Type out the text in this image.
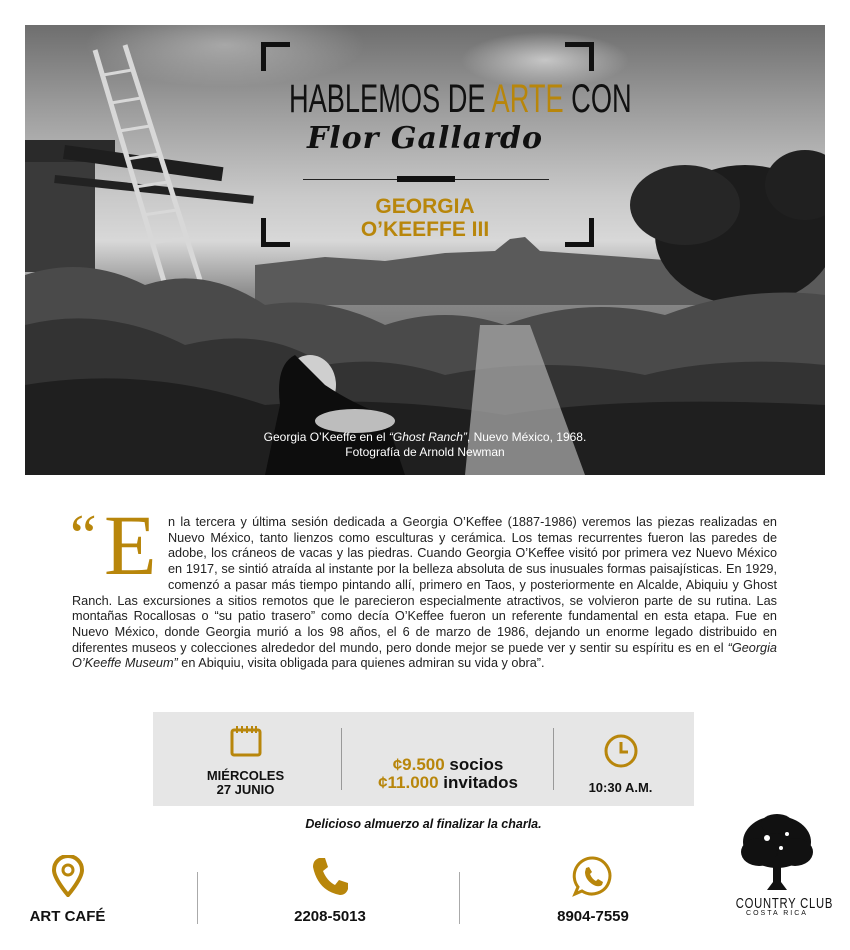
HABLEMOS DE ARTE CON
Flor Gallardo
GEORGIA
O’KEEFFE III
Georgia O’Keeffe en el “Ghost Ranch”, Nuevo México, 1968.
Fotografía de Arnold Newman
“ E n la tercera y última sesión dedicada a Georgia O’Keffee (1887-1986) veremos las piezas realizadas en Nuevo México, tanto lienzos como esculturas y cerámica. Los temas recurrentes fueron las paredes de adobe, los cráneos de vacas y las piedras. Cuando Georgia O’Keffee visitó por primera vez Nuevo México en 1917, se sintió atraída al instante por la belleza absoluta de sus inusuales formas paisajísticas. En 1929, comenzó a pasar más tiempo pintando allí, primero en Taos, y posteriormente en Alcalde, Abiquiu y Ghost Ranch. Las excursiones a sitios remotos que le parecieron especialmente atractivos, se volvieron parte de su rutina. Las montañas Rocallosas o “su patio trasero” como decía O’Keffee fueron un referente fundamental en esta etapa. Fue en Nuevo México, donde Georgia murió a los 98 años, el 6 de marzo de 1986, dejando un enorme legado distribuido en diferentes museos y colecciones alrededor del mundo, pero donde mejor se puede ver y sentir su espíritu es en el “Georgia O’Keeffe Museum” en Abiquiu, visita obligada para quienes admiran su vida y obra”.
MIÉRCOLES
27 JUNIO
¢9.500 socios
¢11.000 invitados	10:30 A.M.
Delicioso almuerzo al finalizar la charla.
ART CAFÉ	2208-5013	8904-7559
COUNTRY CLUB
COSTA RICA
